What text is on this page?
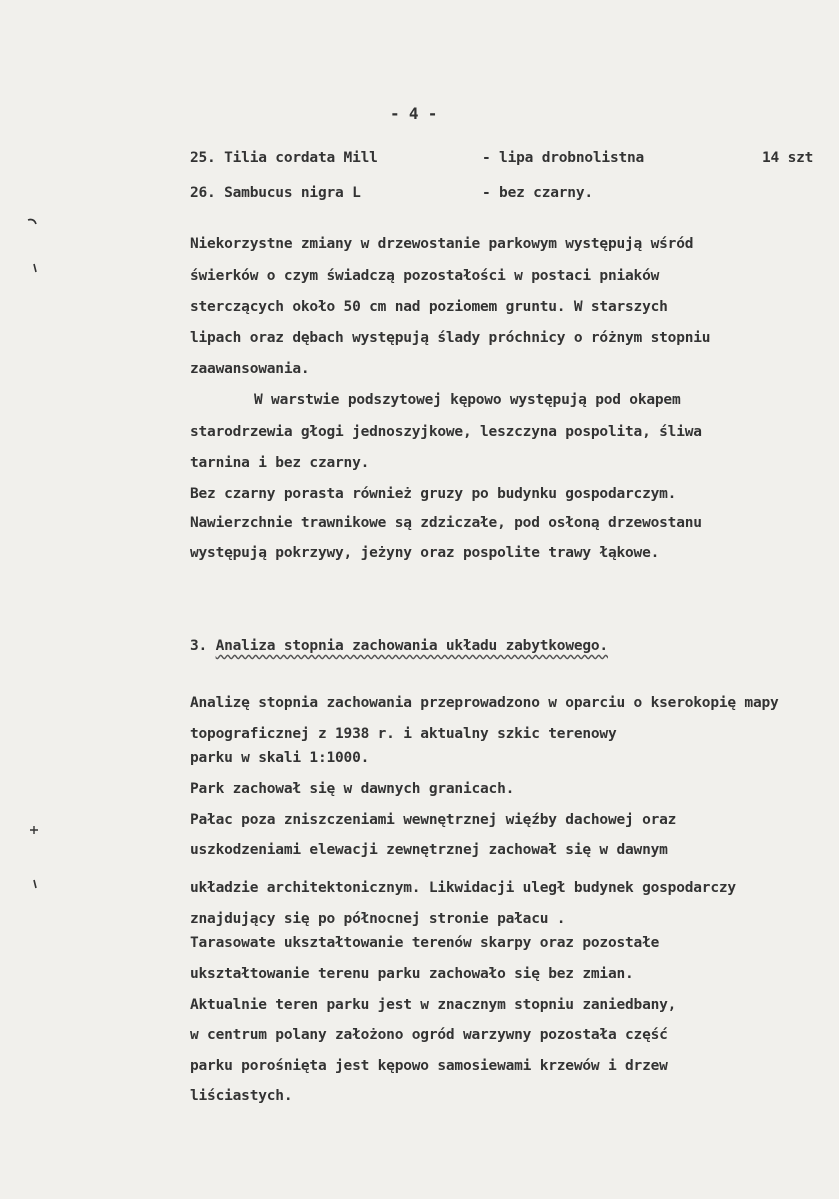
- 4 -
25. Tilia cordata Mill	- lipa drobnolistna	14 szt
26. Sambucus nigra L	- bez czarny.
Niekorzystne zmiany w drzewostanie parkowym występują wśród
świerków o czym świadczą pozostałości w postaci pniaków
sterczących około 50 cm nad poziomem gruntu. W starszych
lipach oraz dębach występują ślady próchnicy o różnym stopniu
zaawansowania.
W warstwie podszytowej kępowo występują pod okapem
starodrzewia głogi jednoszyjkowe, leszczyna pospolita, śliwa
tarnina i bez czarny.
Bez czarny porasta również gruzy po budynku gospodarczym.
Nawierzchnie trawnikowe są zdziczałe, pod osłoną drzewostanu
występują pokrzywy, jeżyny oraz pospolite trawy łąkowe.
3. Analiza stopnia zachowania układu zabytkowego.
Analizę stopnia zachowania przeprowadzono w oparciu o kserokopię mapy topograficznej z 1938 r. i aktualny szkic terenowy
parku w skali 1:1000.
Park zachował się w dawnych granicach.
Pałac poza zniszczeniami wewnętrznej więźby dachowej oraz
uszkodzeniami elewacji zewnętrznej zachował się w dawnym
układzie architektonicznym. Likwidacji uległ budynek gospodarczy znajdujący się po północnej stronie pałacu .
Tarasowate ukształtowanie terenów skarpy oraz pozostałe
ukształtowanie terenu parku zachowało się bez zmian.
Aktualnie teren parku jest w znacznym stopniu zaniedbany,
w centrum polany założono ogród warzywny pozostała część
parku porośnięta jest kępowo samosiewami krzewów i drzew
liściastych.
